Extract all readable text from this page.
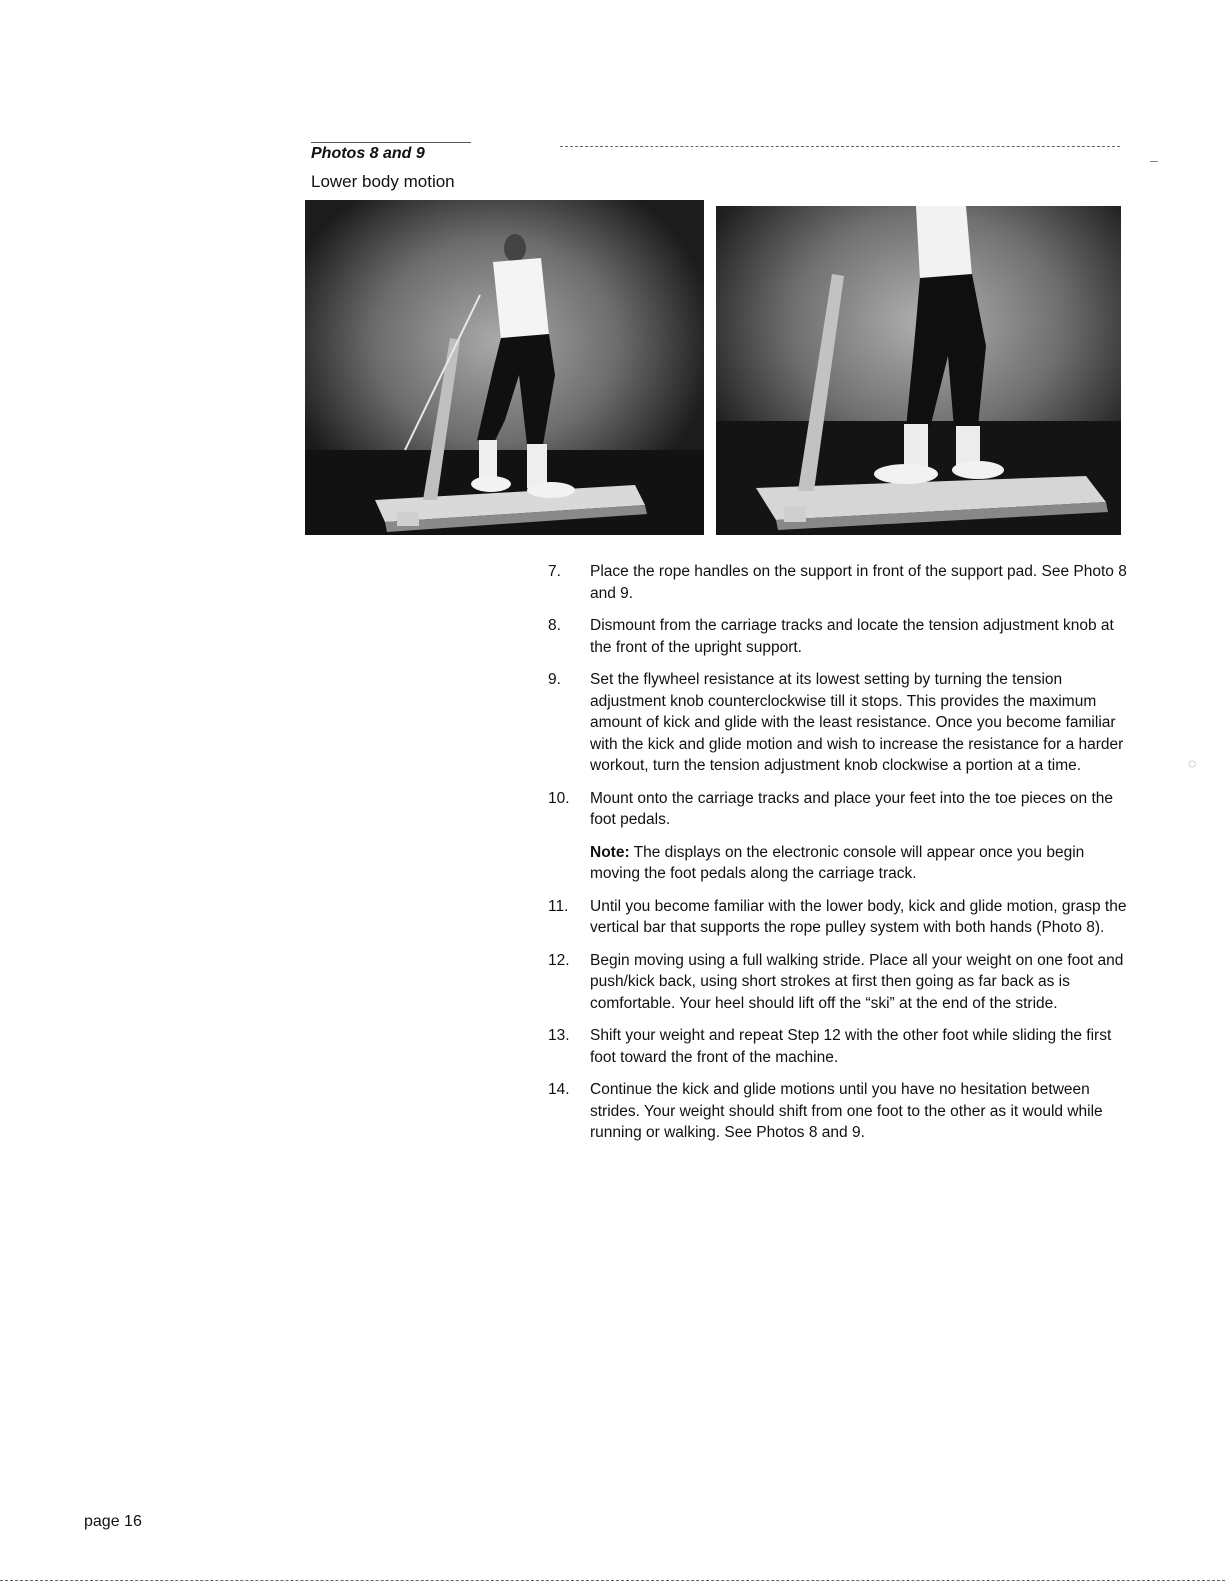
Photos 8 and 9
Lower body motion
7. Place the rope handles on the support in front of the support pad. See Photo 8 and 9.
8. Dismount from the carriage tracks and locate the tension adjustment knob at the front of the upright support.
9. Set the flywheel resistance at its lowest setting by turning the tension adjustment knob counterclockwise till it stops. This provides the maximum amount of kick and glide with the least resistance. Once you become familiar with the kick and glide motion and wish to increase the resistance for a harder workout, turn the tension adjustment knob clockwise a portion at a time.
10. Mount onto the carriage tracks and place your feet into the toe pieces on the foot pedals.
Note: The displays on the electronic console will appear once you begin moving the foot pedals along the carriage track.
11. Until you become familiar with the lower body, kick and glide motion, grasp the vertical bar that supports the rope pulley system with both hands (Photo 8).
12. Begin moving using a full walking stride. Place all your weight on one foot and push/kick back, using short strokes at first then going as far back as is comfortable. Your heel should lift off the “ski” at the end of the stride.
13. Shift your weight and repeat Step 12 with the other foot while sliding the first foot toward the front of the machine.
14. Continue the kick and glide motions until you have no hesitation between strides. Your weight should shift from one foot to the other as it would while running or walking. See Photos 8 and 9.
◌
–
page 16
